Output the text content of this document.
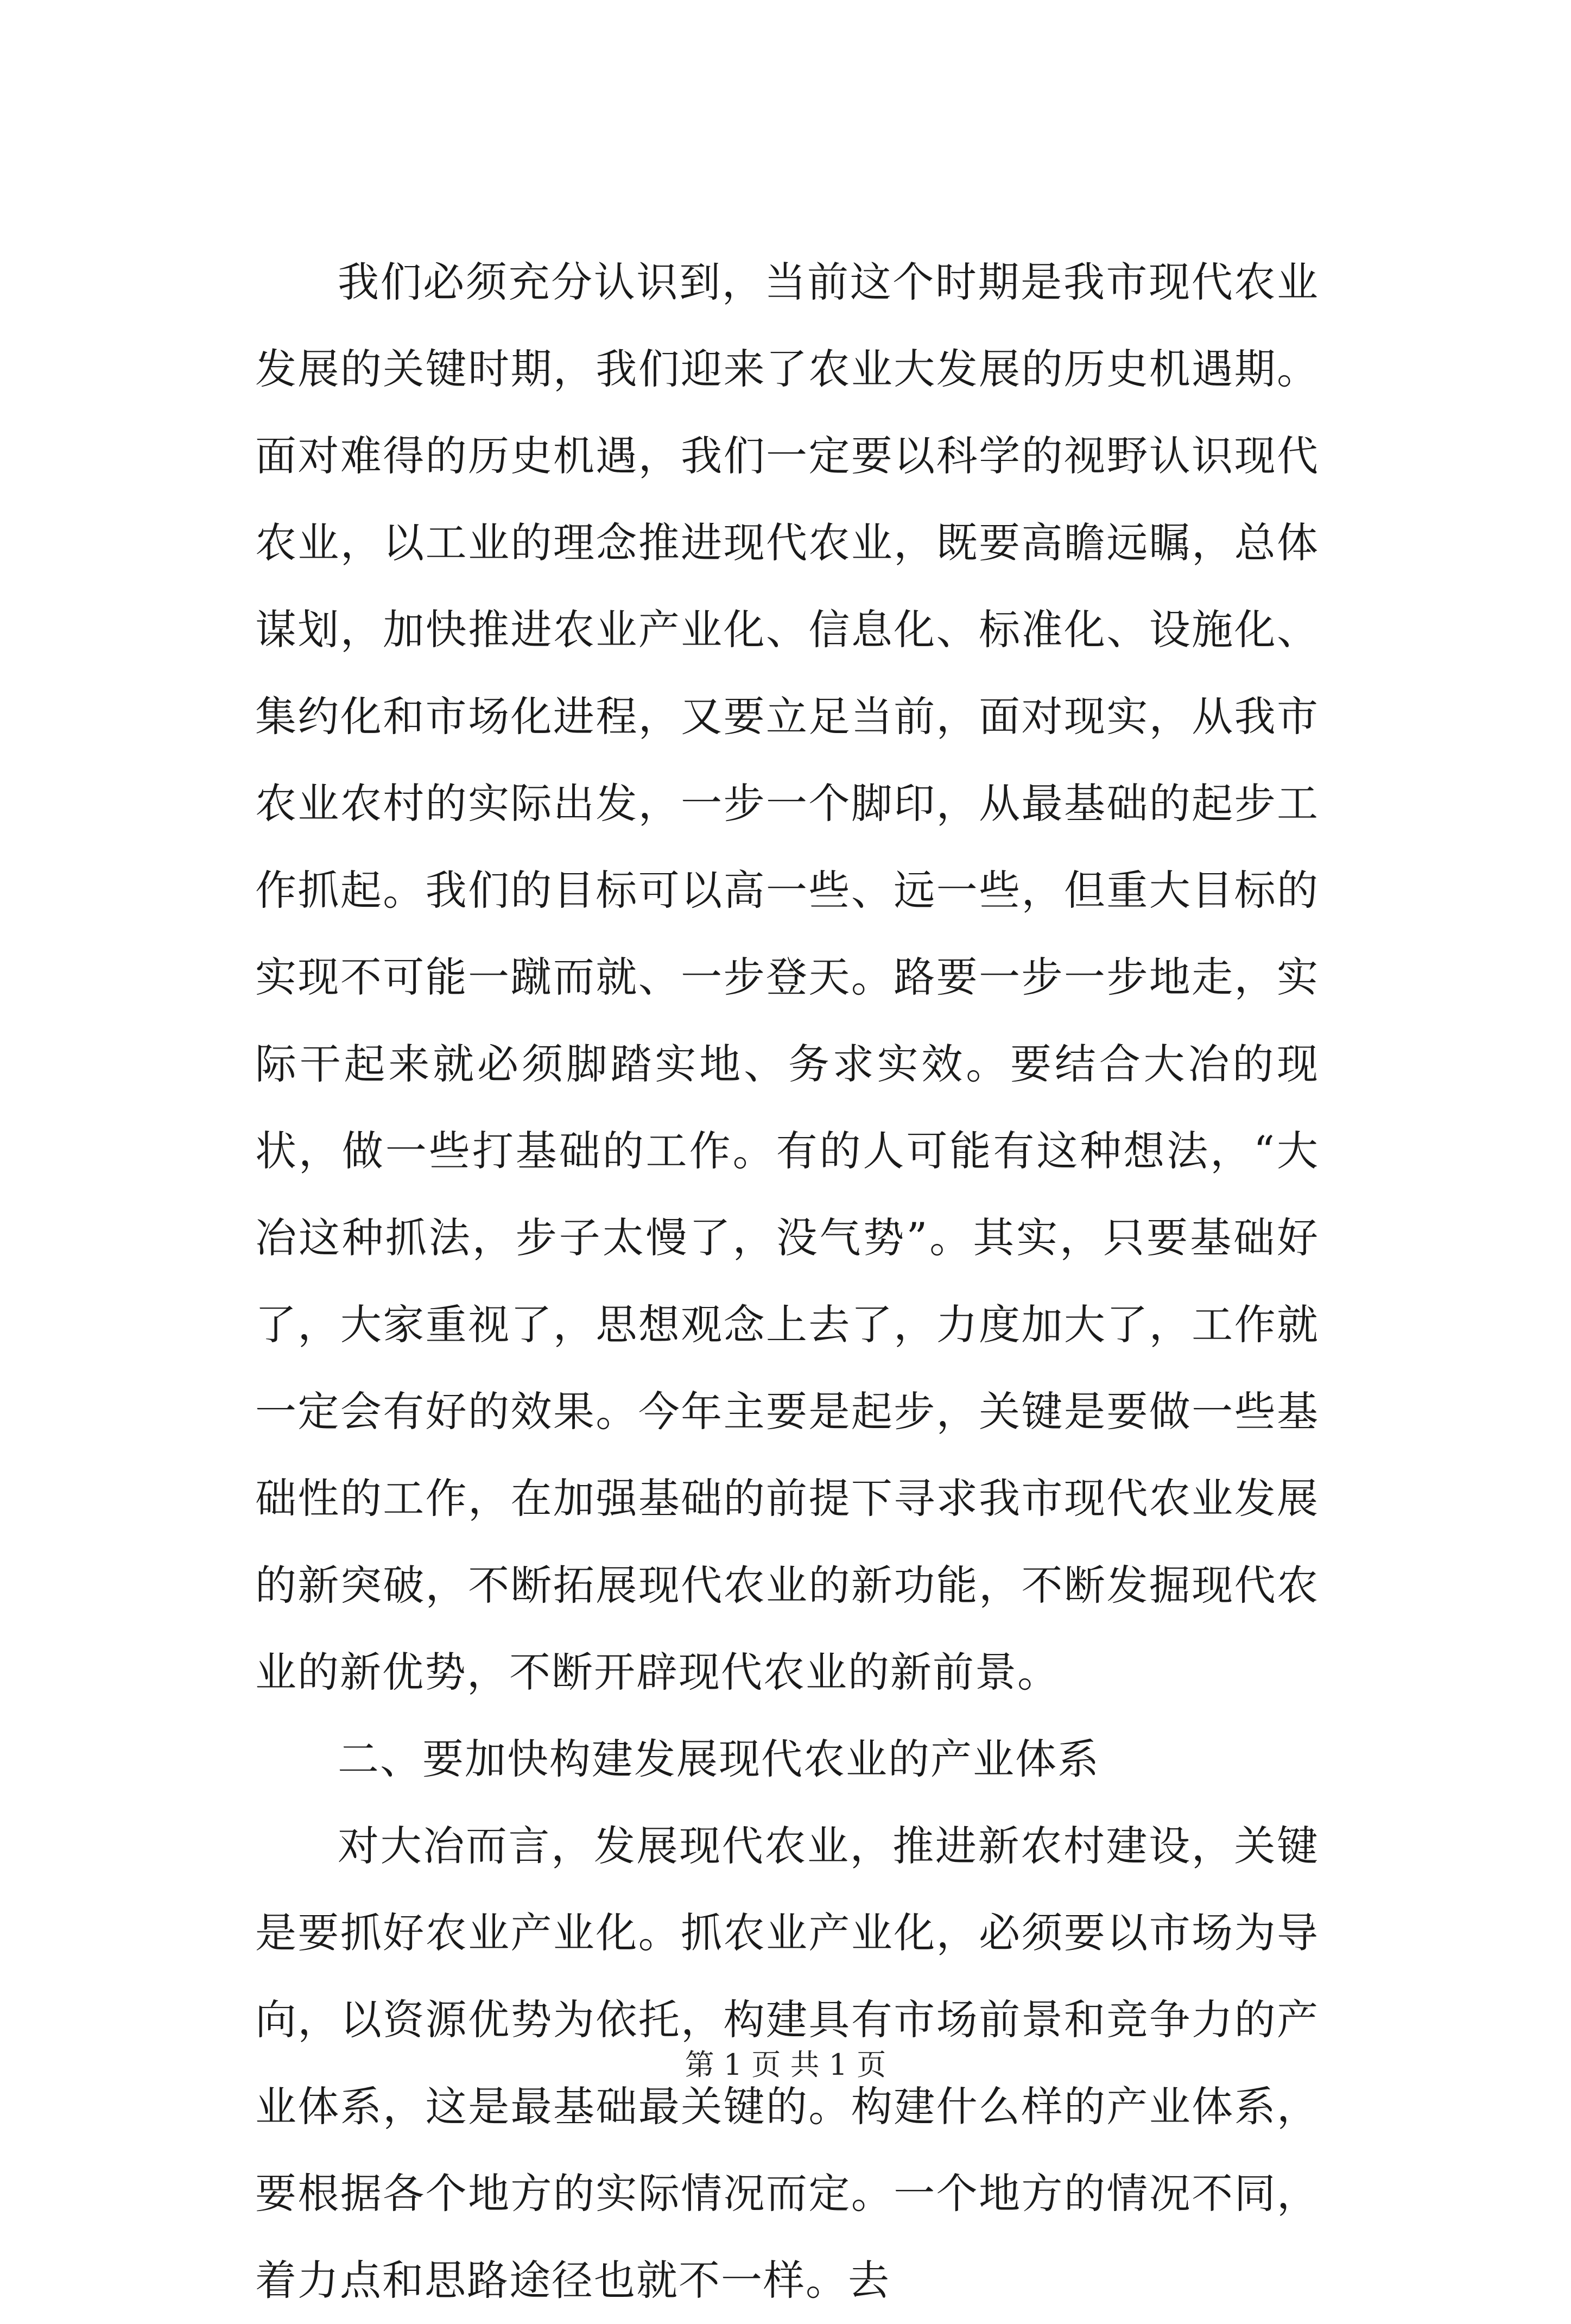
我们必须充分认识到，当前这个时期是我市现代农业发展的关键时期，我们迎来了农业大发展的历史机遇期。面对难得的历史机遇，我们一定要以科学的视野认识现代农业，以工业的理念推进现代农业，既要高瞻远瞩，总体谋划，加快推进农业产业化、信息化、标准化、设施化、集约化和市场化进程，又要立足当前，面对现实，从我市农业农村的实际出发，一步一个脚印，从最基础的起步工作抓起。我们的目标可以高一些、远一些，但重大目标的实现不可能一蹴而就、一步登天。路要一步一步地走，实际干起来就必须脚踏实地、务求实效。要结合大冶的现状，做一些打基础的工作。有的人可能有这种想法，“大冶这种抓法，步子太慢了，没气势”。其实，只要基础好了，大家重视了，思想观念上去了，力度加大了，工作就一定会有好的效果。今年主要是起步，关键是要做一些基础性的工作，在加强基础的前提下寻求我市现代农业发展的新突破，不断拓展现代农业的新功能，不断发掘现代农业的新优势，不断开辟现代农业的新前景。

二、要加快构建发展现代农业的产业体系

对大冶而言，发展现代农业，推进新农村建设，关键是要抓好农业产业化。抓农业产业化，必须要以市场为导向，以资源优势为依托，构建具有市场前景和竞争力的产业体系，这是最基础最关键的。构建什么样的产业体系，要根据各个地方的实际情况而定。一个地方的情况不同，着力点和思路途径也就不一样。去

第 1 页 共 1 页
